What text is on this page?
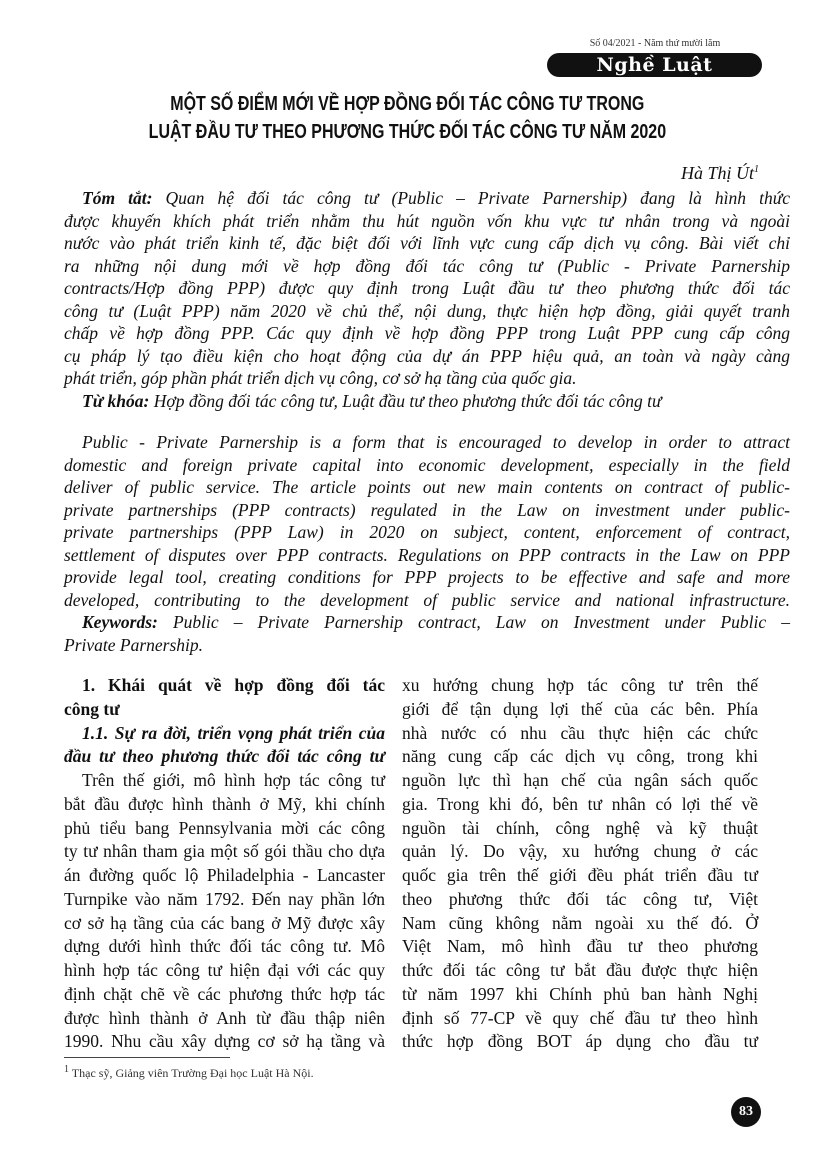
Số 04/2021 - Năm thứ mười lăm
Nghề Luật
MỘT SỐ ĐIỂM MỚI VỀ HỢP ĐỒNG ĐỐI TÁC CÔNG TƯ TRONG
LUẬT ĐẦU TƯ THEO PHƯƠNG THỨC ĐỐI TÁC CÔNG TƯ NĂM 2020
Hà Thị $Út^1$
Tóm tắt: Quan hệ đối tác công tư (Public – Private Parnership) đang là hình thức
được khuyến khích phát triển nhằm thu hút nguồn vốn khu vực tư nhân trong và ngoài
nước vào phát triển kinh tế, đặc biệt đối với lĩnh vực cung cấp dịch vụ công. Bài viết chỉ
ra những nội dung mới về hợp đồng đối tác công tư (Public - Private Parnership
contracts/Hợp đồng PPP) được quy định trong Luật đầu tư theo phương thức đối tác
công tư (Luật PPP) năm 2020 về chủ thể, nội dung, thực hiện hợp đồng, giải quyết tranh
chấp về hợp đồng PPP. Các quy định về hợp đồng PPP trong Luật PPP cung cấp công
cụ pháp lý tạo điều kiện cho hoạt động của dự án PPP hiệu quả, an toàn và ngày càng
phát triển, góp phần phát triển dịch vụ công, cơ sở hạ tầng của quốc gia.
Từ khóa: Hợp đồng đối tác công tư, Luật đầu tư theo phương thức đối tác công tư
Public - Private Parnership is a form that is encouraged to develop in order to attract
domestic and foreign private capital into economic development, especially in the field
deliver of public service. The article points out new main contents on contract of public-
private partnerships (PPP contracts) regulated in the Law on investment under public-
private partnerships (PPP Law) in 2020 on subject, content, enforcement of contract,
settlement of disputes over PPP contracts. Regulations on PPP contracts in the Law on PPP
provide legal tool, creating conditions for PPP projects to be effective and safe and more
developed, contributing to the development of public service and national infrastructure.
Keywords: Public – Private Parnership contract, Law on Investment under Public –
Private Parnership.
1. Khái quát về hợp đồng đối tác
công tư
1.1. Sự ra đời, triển vọng phát triển của
đầu tư theo phương thức đối tác công tư
Trên thế giới, mô hình hợp tác công tư
bắt đầu được hình thành ở Mỹ, khi chính
phủ tiểu bang Pennsylvania mời các công
ty tư nhân tham gia một số gói thầu cho dựa
án đường quốc lộ Philadelphia - Lancaster
Turnpike vào năm 1792. Đến nay phần lớn
cơ sở hạ tầng của các bang ở Mỹ được xây
dựng dưới hình thức đối tác công tư. Mô
hình hợp tác công tư hiện đại với các quy
định chặt chẽ về các phương thức hợp tác
được hình thành ở Anh từ đầu thập niên
1990. Nhu cầu xây dựng cơ sở hạ tầng và
xu hướng chung hợp tác công tư trên thế
giới để tận dụng lợi thế của các bên. Phía
nhà nước có nhu cầu thực hiện các chức
năng cung cấp các dịch vụ công, trong khi
nguồn lực thì hạn chế của ngân sách quốc
gia. Trong khi đó, bên tư nhân có lợi thế về
nguồn tài chính, công nghệ và kỹ thuật
quản lý. Do vậy, xu hướng chung ở các
quốc gia trên thế giới đều phát triển đầu tư
theo phương thức đối tác công tư, Việt
Nam cũng không nằm ngoài xu thế đó. Ở
Việt Nam, mô hình đầu tư theo phương
thức đối tác công tư bắt đầu được thực hiện
từ năm 1997 khi Chính phủ ban hành Nghị
định số 77-CP về quy chế đầu tư theo hình
thức hợp đồng BOT áp dụng cho đầu tư
$^1$ Thạc sỹ, Giảng viên Trường Đại học Luật Hà Nội.
83
